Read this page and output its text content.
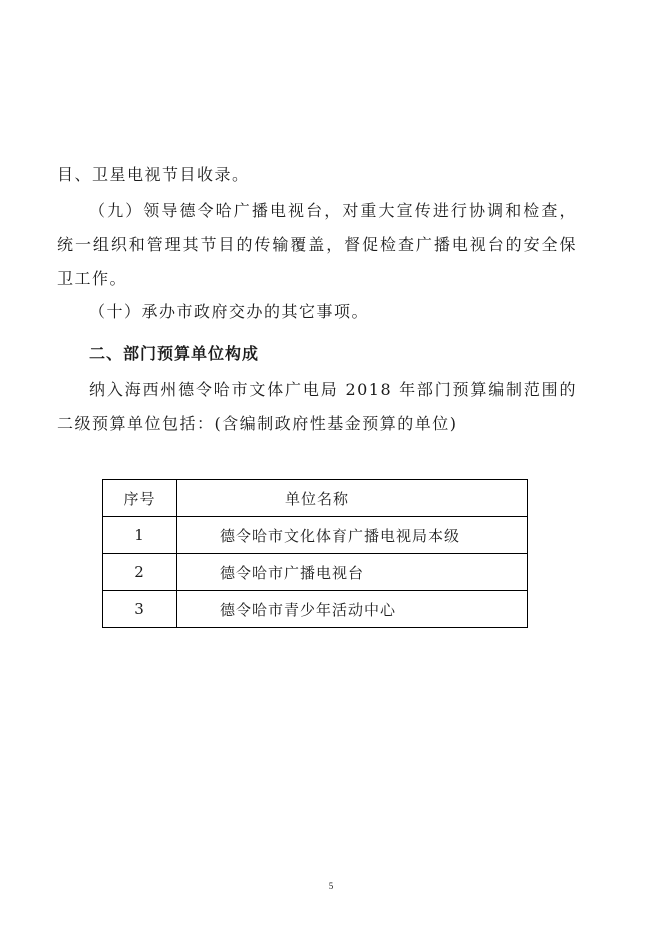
目、卫星电视节目收录。

（九）领导德令哈广播电视台，对重大宣传进行协调和检查，统一组织和管理其节目的传输覆盖，督促检查广播电视台的安全保卫工作。

（十）承办市政府交办的其它事项。

二、部门预算单位构成

纳入海西州德令哈市文体广电局 2018 年部门预算编制范围的二级预算单位包括：(含编制政府性基金预算的单位)

序号	单位名称
1	德令哈市文化体育广播电视局本级
2	德令哈市广播电视台
3	德令哈市青少年活动中心
5
